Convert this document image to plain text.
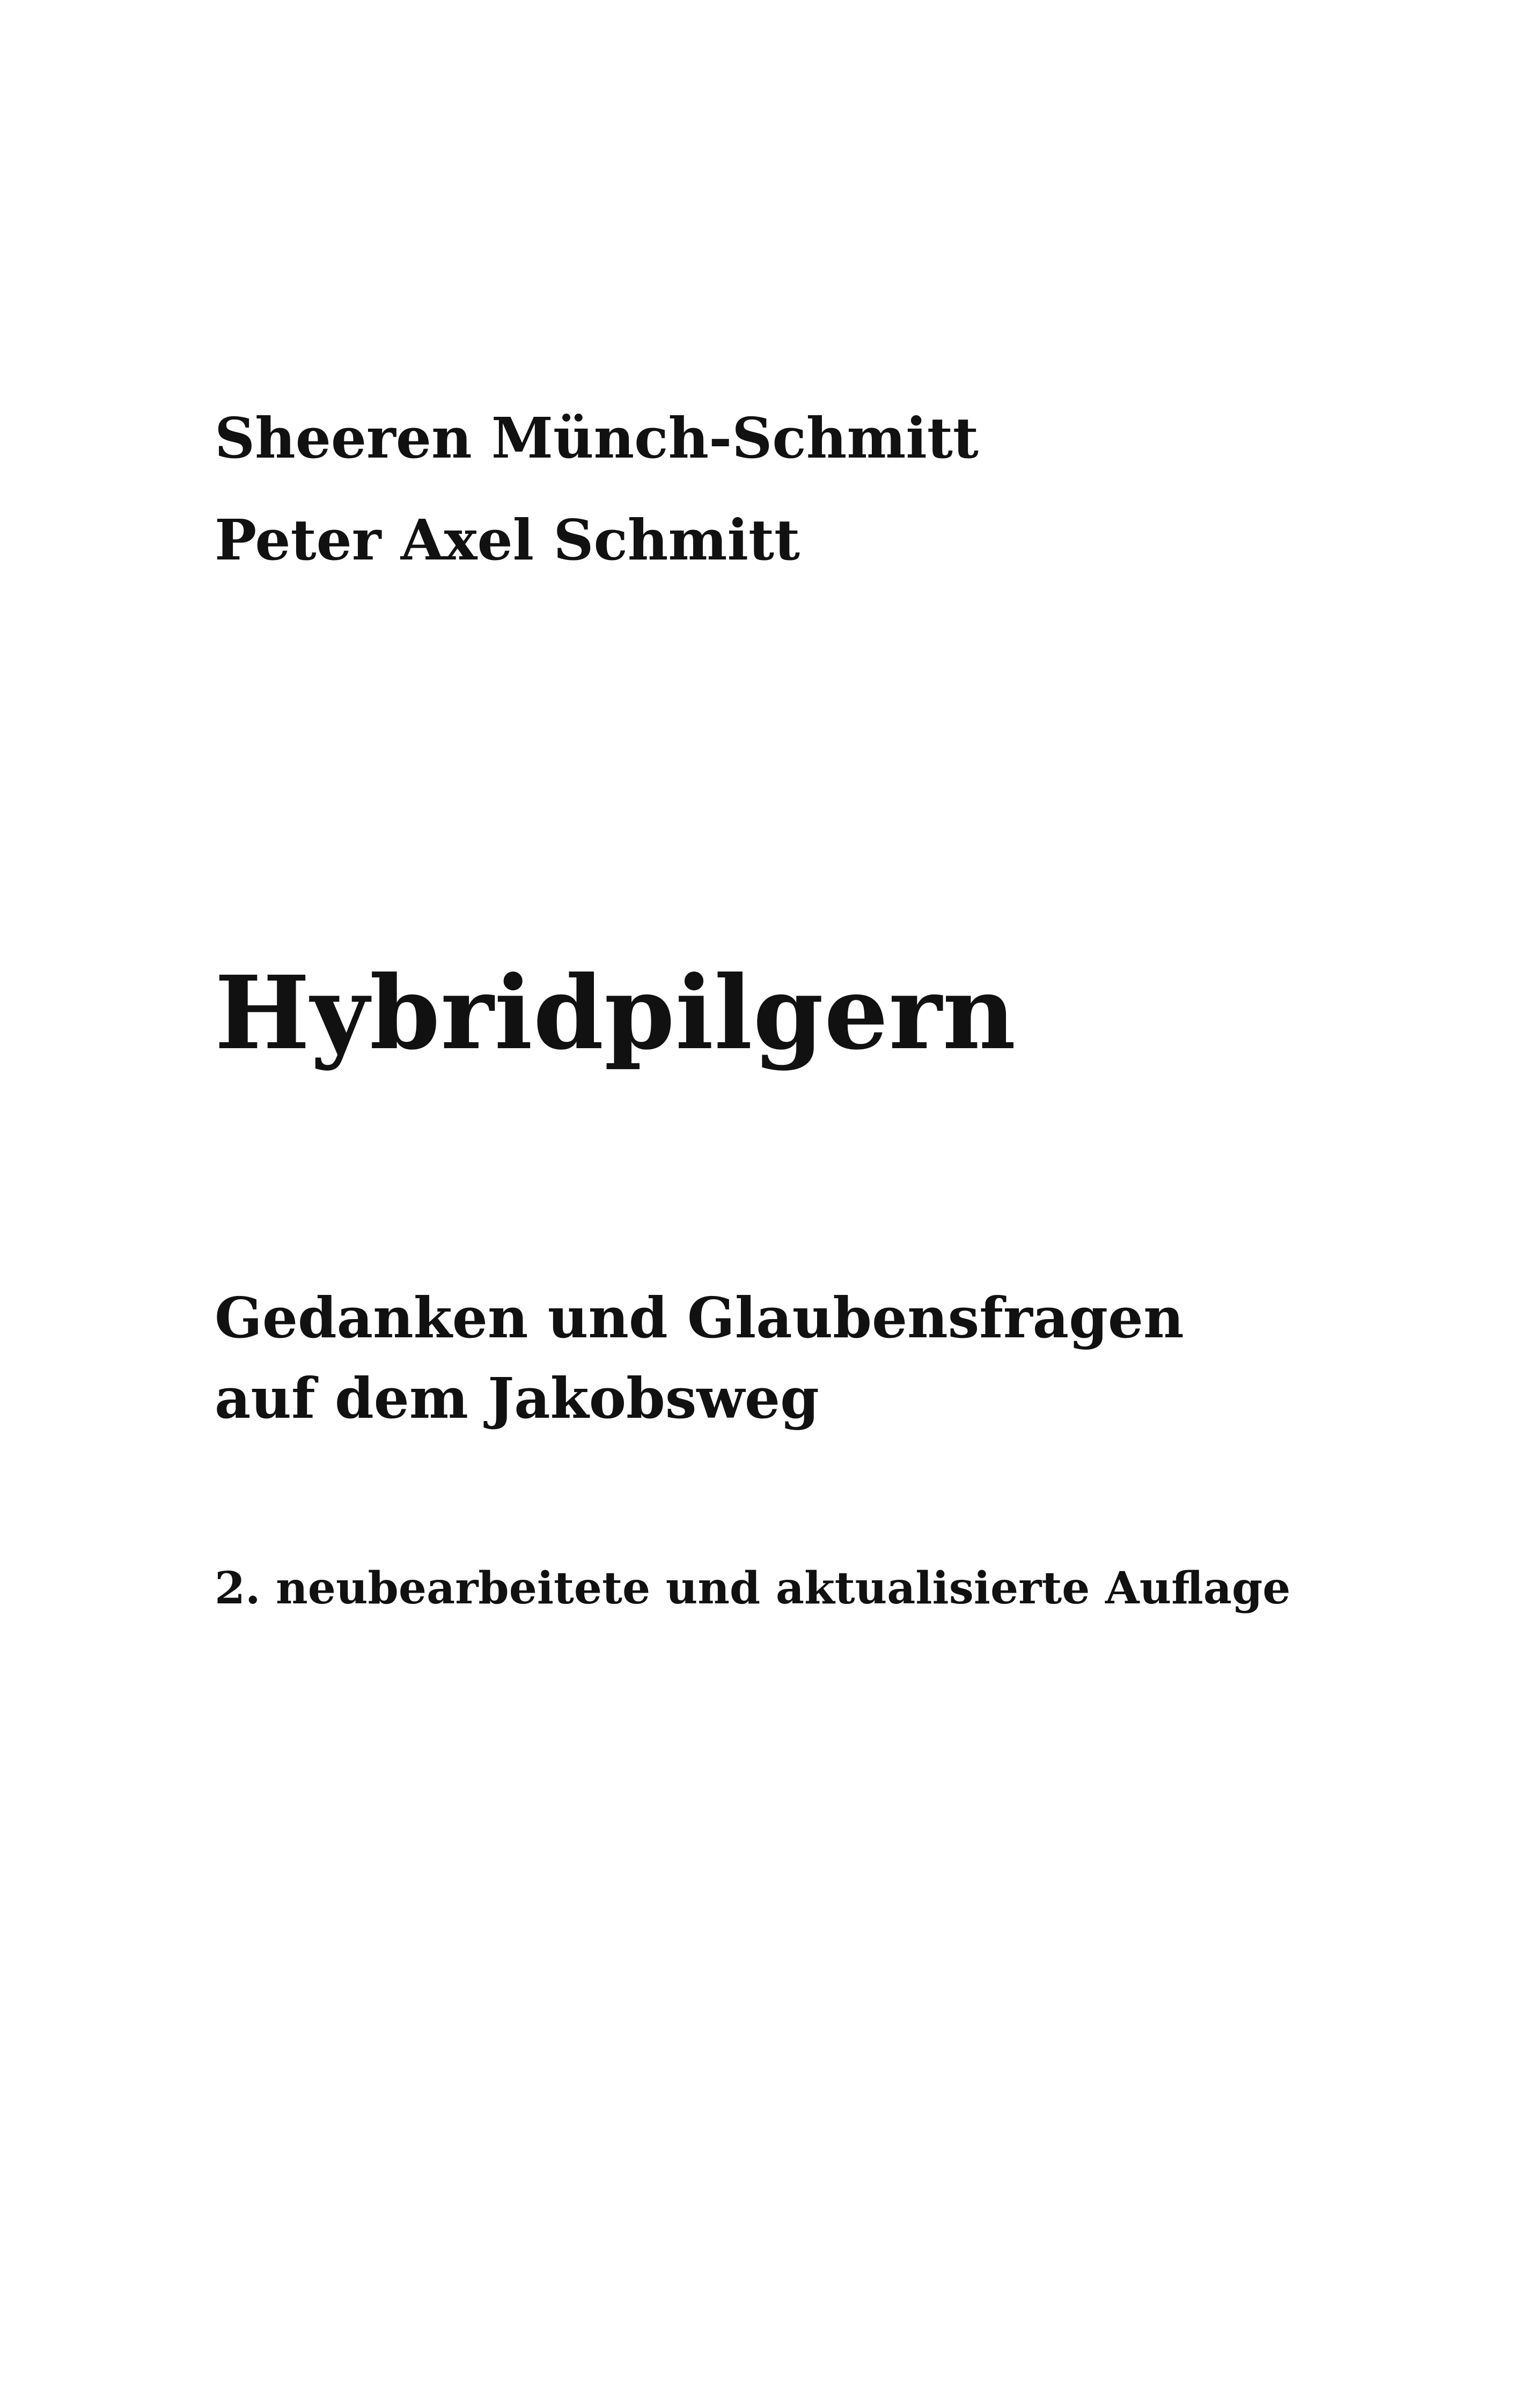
Sheeren Münch-Schmitt

Peter Axel Schmitt

Hybridpilgern

Gedanken und Glaubensfragen

auf dem Jakobsweg

2. neubearbeitete und aktualisierte Auflage
